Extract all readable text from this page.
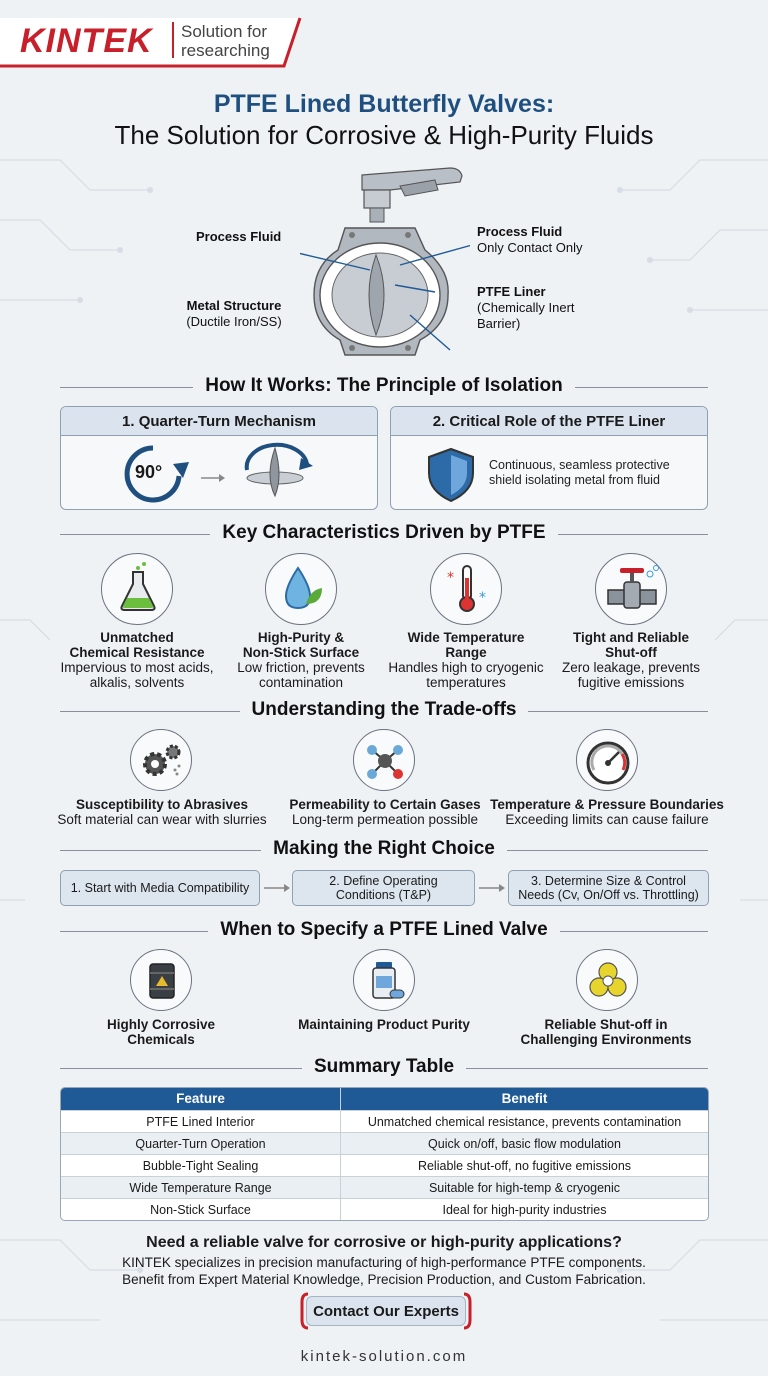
KINTEK Solution for
researching
PTFE Lined Butterfly Valves:
The Solution for Corrosive & High-Purity Fluids
Process Fluid
Metal Structure
(Ductile Iron/SS)
Process Fluid
Only Contact Only
PTFE Liner
(Chemically Inert
Barrier)
How It Works: The Principle of Isolation
1. Quarter-Turn Mechanism
90°
2. Critical Role of the PTFE Liner
Continuous, seamless protective
shield isolating metal from fluid
Key Characteristics Driven by PTFE
*
*
Unmatched
Chemical Resistance
Impervious to most acids,
alkalis, solvents
High-Purity &
Non-Stick Surface
Low friction, prevents
contamination
Wide Temperature
Range
Handles high to cryogenic
temperatures
Tight and Reliable
Shut-off
Zero leakage, prevents
fugitive emissions
Understanding the Trade-offs
Susceptibility to Abrasives
Soft material can wear with slurries
Permeability to Certain Gases
Long-term permeation possible
Temperature & Pressure Boundaries
Exceeding limits can cause failure
Making the Right Choice
1. Start with Media Compatibility	2. Define Operating
Conditions (T&P)
3. Determine Size & Control
Needs (Cv, On/Off vs. Throttling)
When to Specify a PTFE Lined Valve
Highly Corrosive
Chemicals
Maintaining Product Purity	Reliable Shut-off in
Challenging Environments
Summary Table
Feature	Benefit
PTFE Lined Interior	Unmatched chemical resistance, prevents contamination
Quarter-Turn Operation	Quick on/off, basic flow modulation
Bubble-Tight Sealing	Reliable shut-off, no fugitive emissions
Wide Temperature Range	Suitable for high-temp & cryogenic
Non-Stick Surface	Ideal for high-purity industries
Need a reliable valve for corrosive or high-purity applications?
KINTEK specializes in precision manufacturing of high-performance PTFE components.
Benefit from Expert Material Knowledge, Precision Production, and Custom Fabrication.
Contact Our Experts
kintek-solution.com
